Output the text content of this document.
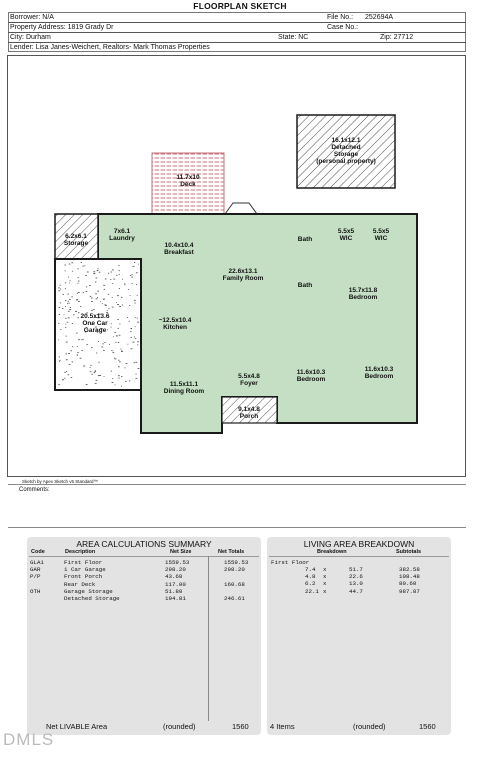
FLOORPLAN SKETCH
Borrower: N/A	File No.: 252694A
Property Address: 1819 Grady Dr	Case No.:
City: Durham	State: NC	Zip: 27712
Lender: Lisa Janes-Weichert, Realtors- Mark Thomas Properties
16.1x12.1
Detached
Storage
(personal property)
11.7x10
Deck
6.2x6.1
Storage
7x6.1
Laundry
10.4x10.4
Breakfast
22.6x13.1
Family Room
20.5x13.6
One Car
Garage
~12.5x10.4
Kitchen
11.5x11.1
Dining Room
5.5x4.8
Foyer
9.1x4.8
Porch
Bath
Bath
5.5x5
WIC
5.5x5
WIC
15.7x11.8
Bedroom
11.6x10.3
Bedroom
11.6x10.3
Bedroom
Sketch by Apex Sketch v5 Standard™
Comments:
AREA CALCULATIONS SUMMARY
Code	Description	Net Size	Net Totals
GLA1	First Floor	1559.53	1559.53
GAR	1 Car Garage	298.20	298.20
P/P	Front Porch	43.68
Rear Deck	117.00	160.68
OTH	Garage Storage	51.80
Detached Storage	194.81	246.61
Net LIVABLE Area	(rounded)	1560
LIVING AREA BREAKDOWN
Breakdown	Subtotals
First Floor
7.4 x	51.7	382.58
4.8 x	22.6	108.48
6.2 x	13.0	80.60
22.1 x	44.7	987.87
4 Items	(rounded)	1560
DMLS
